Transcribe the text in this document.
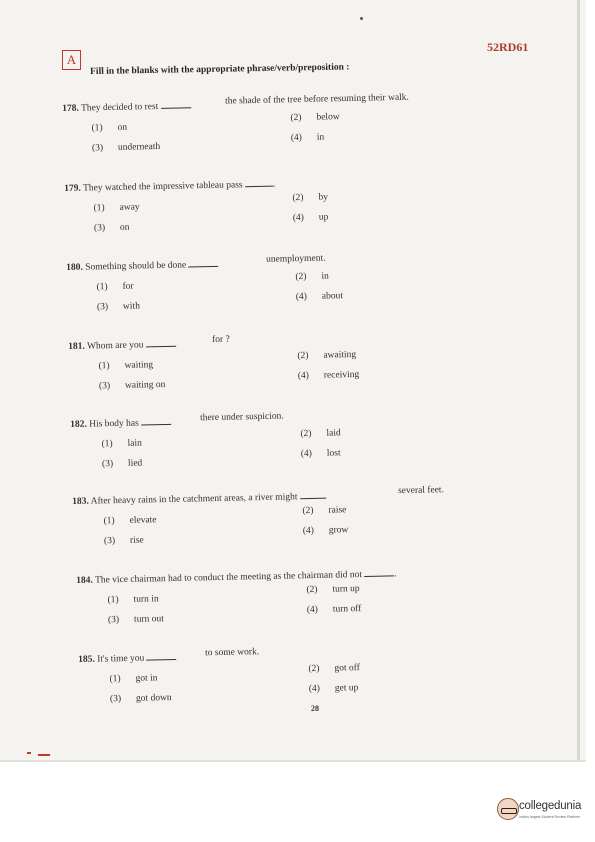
A
52RD61
Fill in the blanks with the appropriate phrase/verb/preposition :
178. They decided to rest
the shade of the tree before resuming their walk.
(1) on
(2) below
(3) underneath
(4) in
179. They watched the impressive tableau pass	.
(1) away
(2) by
(3) on
(4) up
180. Something should be done
unemployment.
(1) for
(2) in
(3) with
(4) about
181. Whom are you
for ?
(1) waiting
(2) awaiting
(3) waiting on
(4) receiving
182. His body has
there under suspicion.
(1) lain
(2) laid
(3) lied
(4) lost
183. After heavy rains in the catchment areas, a river might
several feet.
(1) elevate
(2) raise
(3) rise
(4) grow
184. The vice chairman had to conduct the meeting as the chairman did not	.
(1) turn in
(2) turn up
(3) turn out
(4) turn off
185. It's time you
to some work.
(1) got in
(2) got off
(3) got down
(4) get up
28
collegedunia
India's largest Student Review Platform
